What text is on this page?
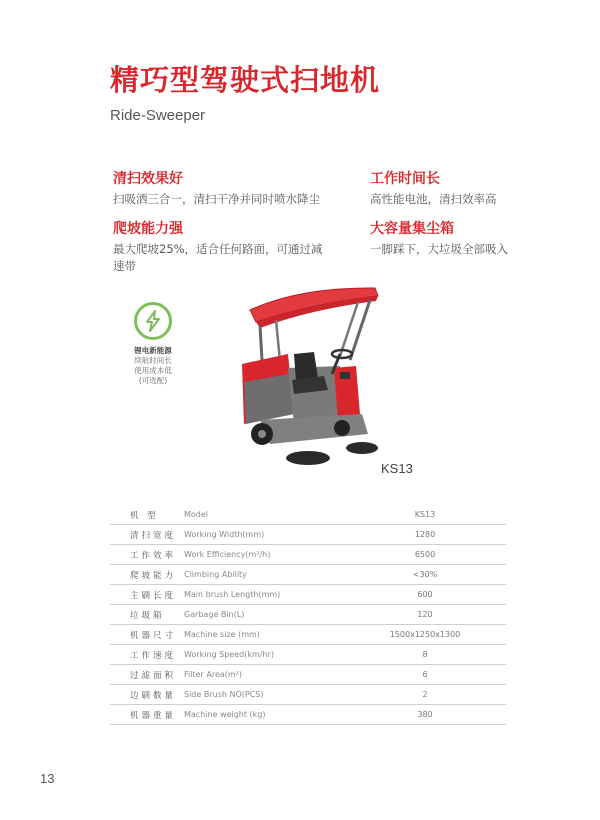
精巧型驾驶式扫地机
Ride-Sweeper
清扫效果好
扫吸洒三合一，清扫干净并同时喷水降尘
工作时间长
高性能电池，清扫效率高
爬坡能力强
最大爬坡25%，适合任何路面，可通过减速带
大容量集尘箱
一脚踩下，大垃圾全部吸入
锂电新能源
续航时间长
使用成本低
(可选配)
KS13
机 型	Model	KS13
清扫宽度	Working Width(mm)	1280
工作效率	Work Efficiency(m²/h)	6500
爬坡能力	Climbing Ability	<30%
主刷长度	Main brush Length(mm)	600
垃圾箱	Garbage Bin(L)	120
机器尺寸	Machine size (mm)	1500x1250x1300
工作速度	Working Speed(km/hr)	8
过滤面积	Filter Area(m²)	6
边刷数量	Side Brush NO(PCS)	2
机器重量	Machine weight (kg)	380
13
